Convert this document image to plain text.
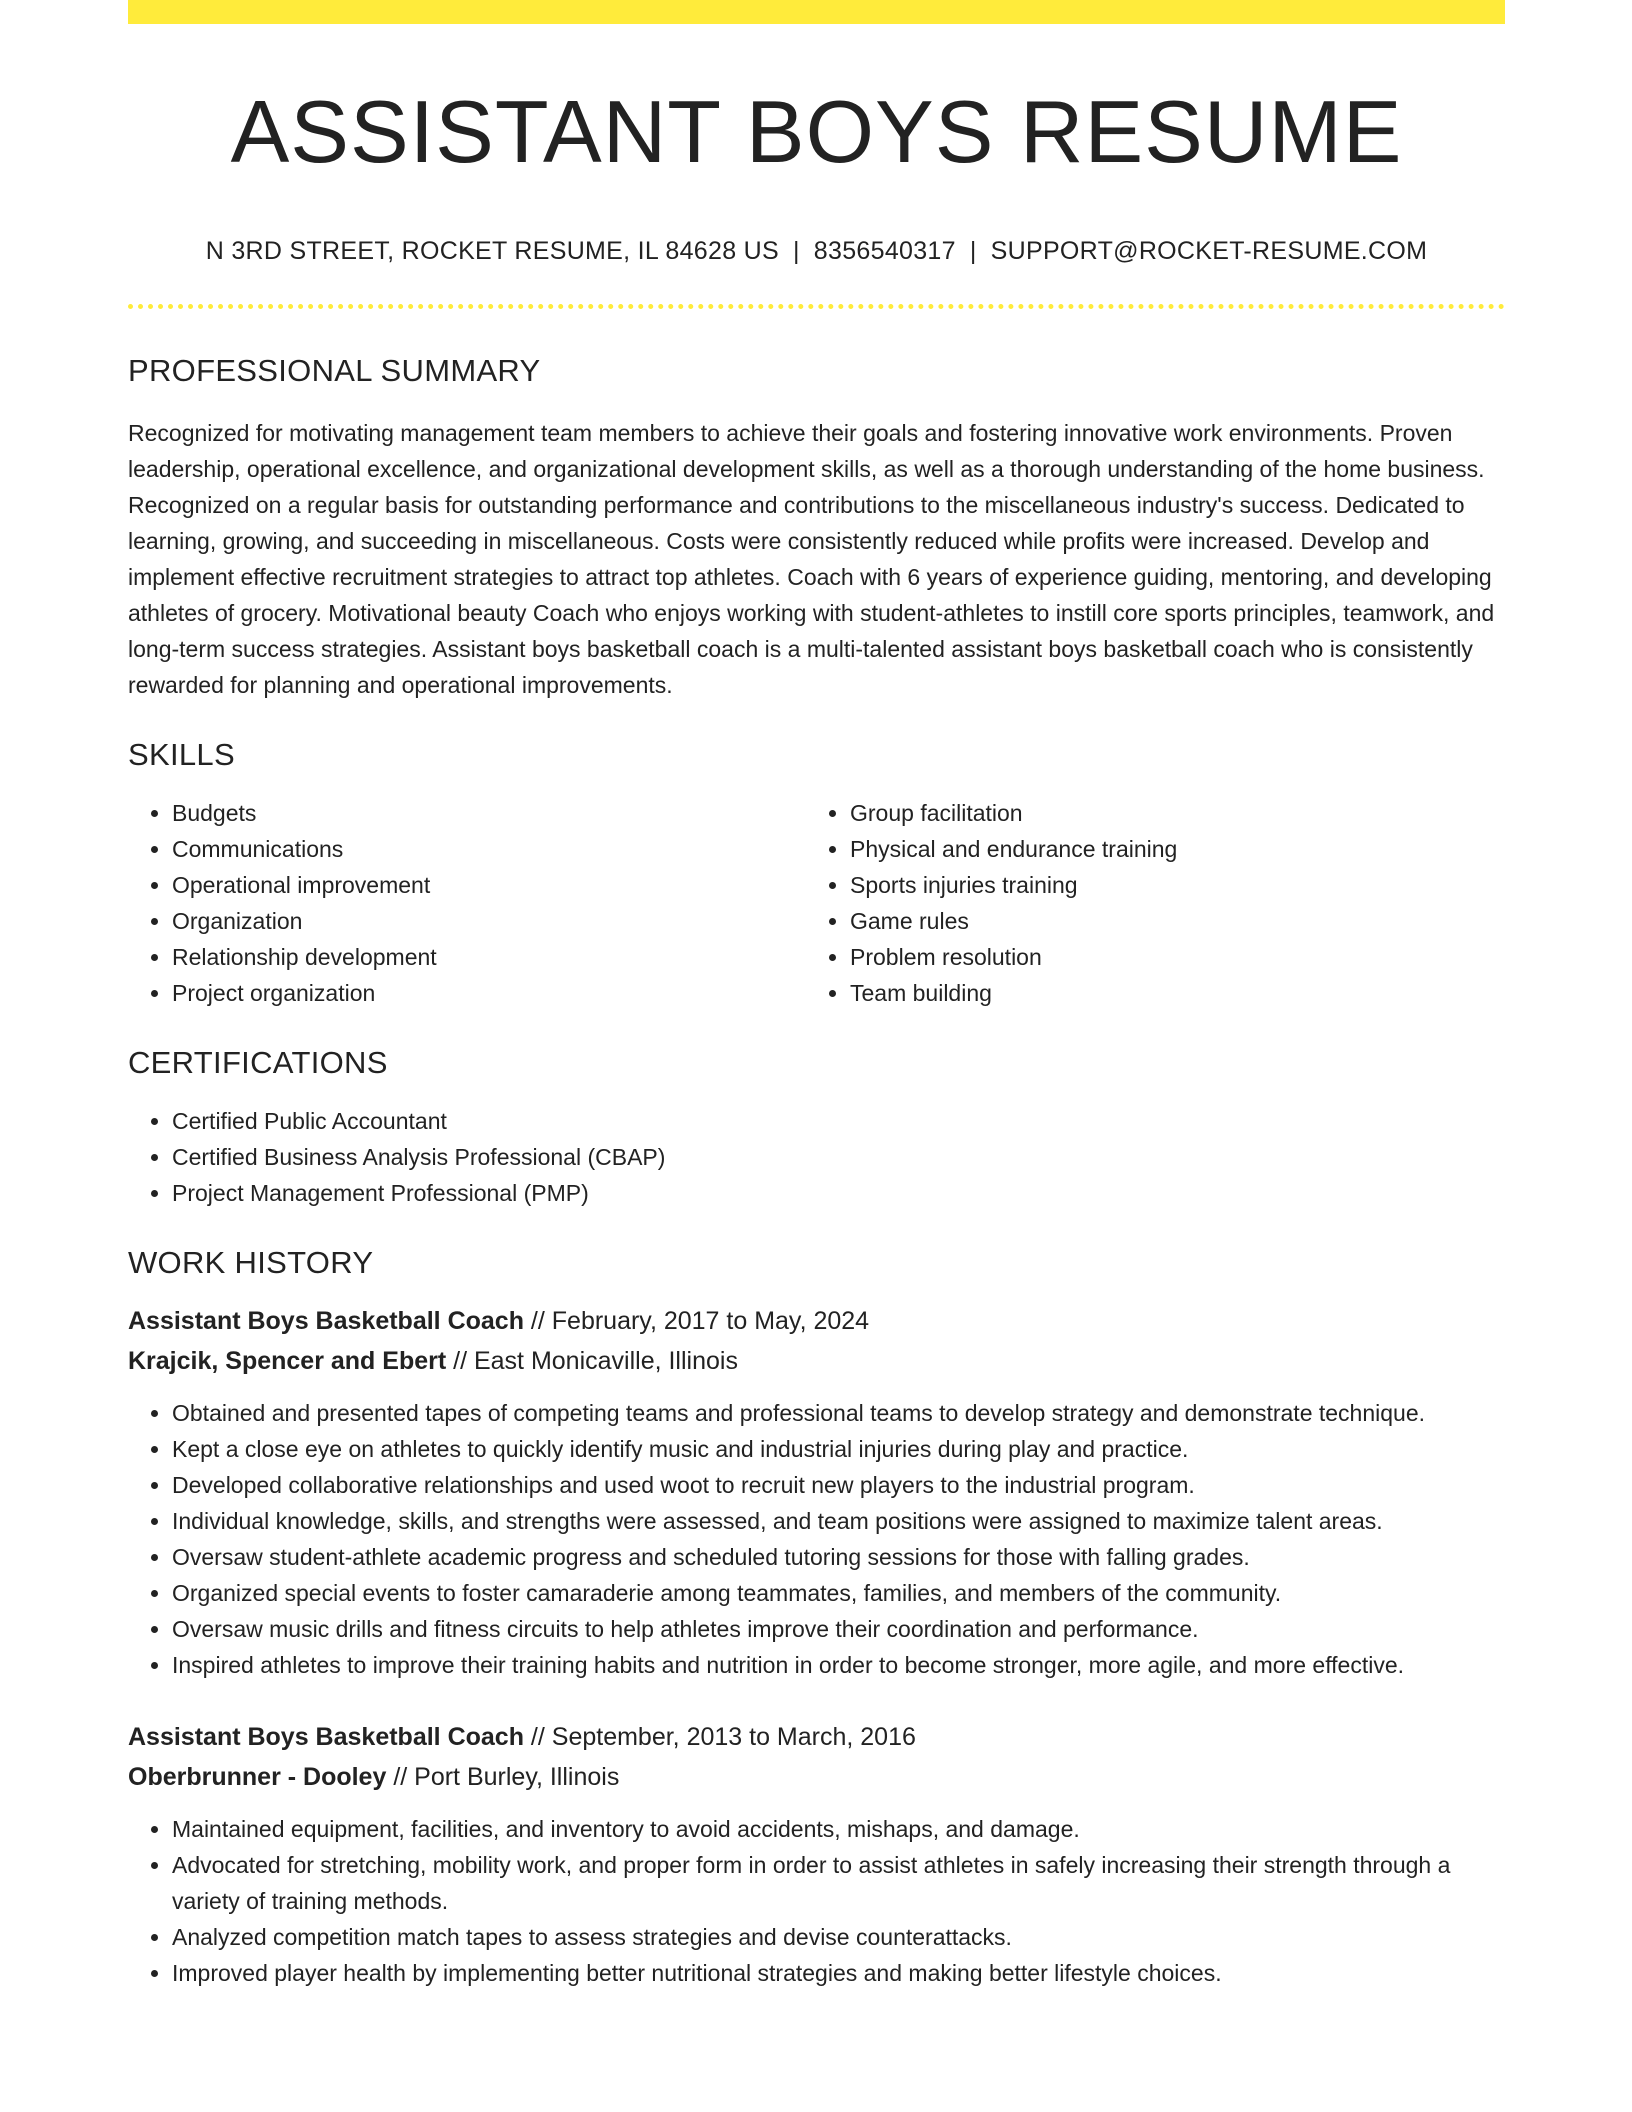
ASSISTANT BOYS RESUME
N 3RD STREET, ROCKET RESUME, IL 84628 US | 8356540317 | SUPPORT@ROCKET-RESUME.COM
PROFESSIONAL SUMMARY

Recognized for motivating management team members to achieve their goals and fostering innovative work environments. Proven leadership, operational excellence, and organizational development skills, as well as a thorough understanding of the home business. Recognized on a regular basis for outstanding performance and contributions to the miscellaneous industry's success. Dedicated to learning, growing, and succeeding in miscellaneous. Costs were consistently reduced while profits were increased. Develop and implement effective recruitment strategies to attract top athletes. Coach with 6 years of experience guiding, mentoring, and developing athletes of grocery. Motivational beauty Coach who enjoys working with student-athletes to instill core sports principles, teamwork, and long-term success strategies. Assistant boys basketball coach is a multi-talented assistant boys basketball coach who is consistently rewarded for planning and operational improvements.

SKILLS
• Budgets
• Communications
• Operational improvement
• Organization
• Relationship development
• Project organization
• Group facilitation
• Physical and endurance training
• Sports injuries training
• Game rules
• Problem resolution
• Team building
CERTIFICATIONS
• Certified Public Accountant
• Certified Business Analysis Professional (CBAP)
• Project Management Professional (PMP)
WORK HISTORY
Assistant Boys Basketball Coach // February, 2017 to May, 2024
Krajcik, Spencer and Ebert // East Monicaville, Illinois
• Obtained and presented tapes of competing teams and professional teams to develop strategy and demonstrate technique.
• Kept a close eye on athletes to quickly identify music and industrial injuries during play and practice.
• Developed collaborative relationships and used woot to recruit new players to the industrial program.
• Individual knowledge, skills, and strengths were assessed, and team positions were assigned to maximize talent areas.
• Oversaw student-athlete academic progress and scheduled tutoring sessions for those with falling grades.
• Organized special events to foster camaraderie among teammates, families, and members of the community.
• Oversaw music drills and fitness circuits to help athletes improve their coordination and performance.
• Inspired athletes to improve their training habits and nutrition in order to become stronger, more agile, and more effective.
Assistant Boys Basketball Coach // September, 2013 to March, 2016
Oberbrunner - Dooley // Port Burley, Illinois
• Maintained equipment, facilities, and inventory to avoid accidents, mishaps, and damage.
• Advocated for stretching, mobility work, and proper form in order to assist athletes in safely increasing their strength through a variety of training methods.
• Analyzed competition match tapes to assess strategies and devise counterattacks.
• Improved player health by implementing better nutritional strategies and making better lifestyle choices.
